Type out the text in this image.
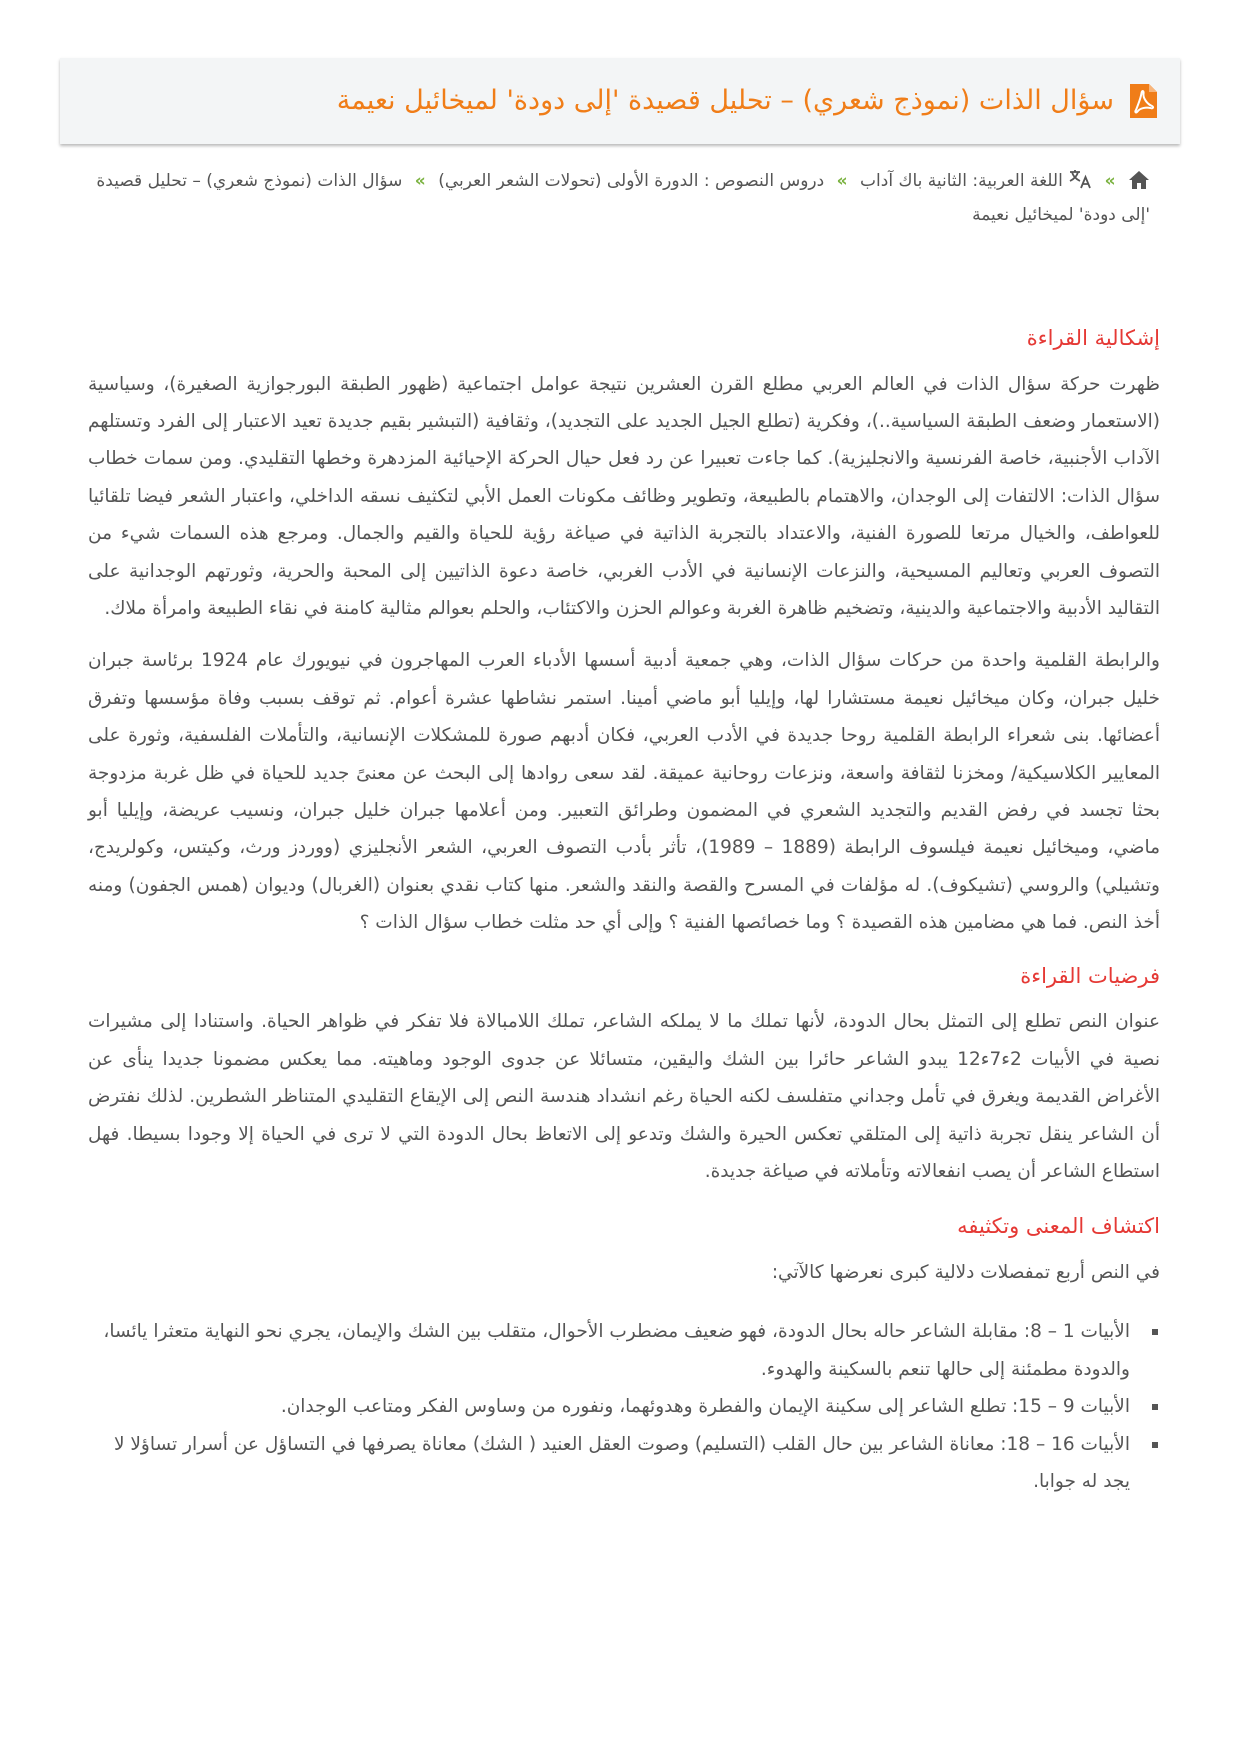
سؤال الذات (نموذج شعري) – تحليل قصيدة 'إلى دودة' لميخائيل نعيمة
»  اللغة العربية: الثانية باك آداب » دروس النصوص : الدورة الأولى (تحولات الشعر العربي) » سؤال الذات (نموذج شعري) – تحليل قصيدة 'إلى دودة' لميخائيل نعيمة
إشكالية القراءة

ظهرت حركة سؤال الذات في العالم العربي مطلع القرن العشرين نتيجة عوامل اجتماعية (ظهور الطبقة البورجوازية الصغيرة)، وسياسية (الاستعمار وضعف الطبقة السياسية..)، وفكرية (تطلع الجيل الجديد على التجديد)، وثقافية (التبشير بقيم جديدة تعيد الاعتبار إلى الفرد وتستلهم الآداب الأجنبية، خاصة الفرنسية والانجليزية). كما جاءت تعبيرا عن رد فعل حيال الحركة الإحيائية المزدهرة وخطها التقليدي. ومن سمات خطاب سؤال الذات: الالتفات إلى الوجدان، والاهتمام بالطبيعة، وتطوير وظائف مكونات العمل الأبي لتكثيف نسقه الداخلي، واعتبار الشعر فيضا تلقائيا للعواطف، والخيال مرتعا للصورة الفنية، والاعتداد بالتجربة الذاتية في صياغة رؤية للحياة والقيم والجمال. ومرجع هذه السمات شيء من التصوف العربي وتعاليم المسيحية، والنزعات الإنسانية في الأدب الغربي، خاصة دعوة الذاتيين إلى المحبة والحرية، وثورتهم الوجدانية على التقاليد الأدبية والاجتماعية والدينية، وتضخيم ظاهرة الغربة وعوالم الحزن والاكتئاب، والحلم بعوالم مثالية كامنة في نقاء الطبيعة وامرأة ملاك.

والرابطة القلمية واحدة من حركات سؤال الذات، وهي جمعية أدبية أسسها الأدباء العرب المهاجرون في نيويورك عام 1924 برئاسة جبران خليل جبران، وكان ميخائيل نعيمة مستشارا لها، وإيليا أبو ماضي أمينا. استمر نشاطها عشرة أعوام. ثم توقف بسبب وفاة مؤسسها وتفرق أعضائها. بنى شعراء الرابطة القلمية روحا جديدة في الأدب العربي، فكان أدبهم صورة للمشكلات الإنسانية، والتأملات الفلسفية، وثورة على المعايير الكلاسيكية/ ومخزنا لثقافة واسعة، ونزعات روحانية عميقة. لقد سعى روادها إلى البحث عن معنىً جديد للحياة في ظل غربة مزدوجة بحثا تجسد في رفض القديم والتجديد الشعري في المضمون وطرائق التعبير. ومن أعلامها جبران خليل جبران، ونسيب عريضة، وإيليا أبو ماضي، وميخائيل نعيمة فيلسوف الرابطة (1889 – 1989)، تأثر بأدب التصوف العربي، الشعر الأنجليزي (ووردز ورث، وكيتس، وكولريدج، وتشيلي) والروسي (تشيكوف). له مؤلفات في المسرح والقصة والنقد والشعر. منها كتاب نقدي بعنوان (الغربال) وديوان (همس الجفون) ومنه أخذ النص. فما هي مضامين هذه القصيدة ؟ وما خصائصها الفنية ؟ وإلى أي حد مثلت خطاب سؤال الذات ؟

فرضيات القراءة

عنوان النص تطلع إلى التمثل بحال الدودة، لأنها تملك ما لا يملكه الشاعر، تملك اللامبالاة فلا تفكر في ظواهر الحياة. واستنادا إلى مشيرات نصية في الأبيات 2ء7ء12 يبدو الشاعر حائرا بين الشك واليقين، متسائلا عن جدوى الوجود وماهيته. مما يعكس مضمونا جديدا ينأى عن الأغراض القديمة ويغرق في تأمل وجداني متفلسف لكنه الحياة رغم انشداد هندسة النص إلى الإيقاع التقليدي المتناظر الشطرين. لذلك نفترض أن الشاعر ينقل تجربة ذاتية إلى المتلقي تعكس الحيرة والشك وتدعو إلى الاتعاظ بحال الدودة التي لا ترى في الحياة إلا وجودا بسيطا. فهل استطاع الشاعر أن يصب انفعالاته وتأملاته في صياغة جديدة.

اكتشاف المعنى وتكثيفه

في النص أربع تمفصلات دلالية كبرى نعرضها كالآتي:

الأبيات 1 – 8: مقابلة الشاعر حاله بحال الدودة، فهو ضعيف مضطرب الأحوال، متقلب بين الشك والإيمان، يجري نحو النهاية متعثرا يائسا، والدودة مطمئنة إلى حالها تنعم بالسكينة والهدوء.
الأبيات 9 – 15: تطلع الشاعر إلى سكينة الإيمان والفطرة وهدوئهما، ونفوره من وساوس الفكر ومتاعب الوجدان.
الأبيات 16 – 18: معاناة الشاعر بين حال القلب (التسليم) وصوت العقل العنيد ( الشك) معاناة يصرفها في التساؤل عن أسرار تساؤلا لا يجد له جوابا.
